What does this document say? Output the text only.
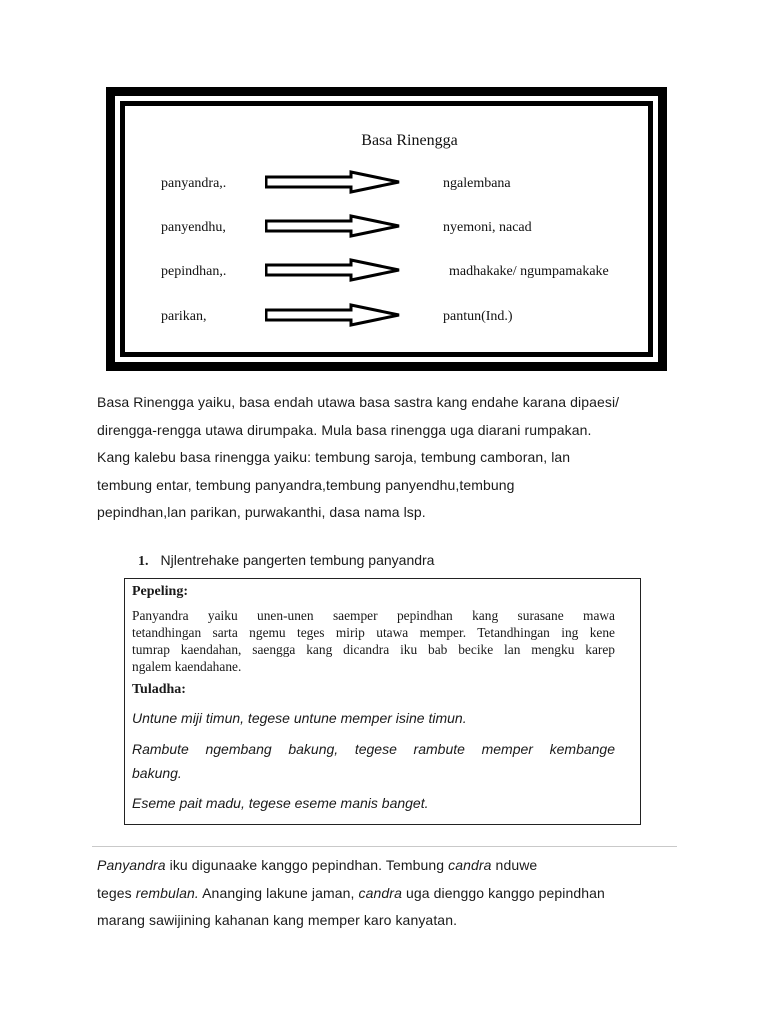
Basa Rinengga
panyandra,.	ngalembana
panyendhu,	nyemoni, nacad
pepindhan,.	madhakake/ ngumpamakake
parikan,	pantun(Ind.)
Basa Rinengga yaiku, basa endah utawa basa sastra kang endahe karana dipaesi/
direngga-rengga utawa dirumpaka. Mula basa rinengga uga diarani rumpakan.
Kang kalebu basa rinengga yaiku: tembung saroja, tembung camboran, lan
tembung entar, tembung panyandra,tembung panyendhu,tembung
pepindhan,lan parikan, purwakanthi, dasa nama lsp.
1. Njlentrehake pangerten tembung panyandra
Pepeling:
Panyandra yaiku unen-unen saemper pepindhan kang surasane mawa
tetandhingan sarta ngemu teges mirip utawa memper. Tetandhingan ing kene
tumrap kaendahan, saengga kang dicandra iku bab becike lan mengku karep
ngalem kaendahane.
Tuladha:
Untune miji timun, tegese untune memper isine timun.
Rambute ngembang bakung, tegese rambute memper kembange
bakung.
Eseme pait madu, tegese eseme manis banget.
Panyandra iku digunaake kanggo pepindhan. Tembung candra nduwe
teges rembulan. Ananging lakune jaman, candra uga dienggo kanggo pepindhan
marang sawijining kahanan kang memper karo kanyatan.
